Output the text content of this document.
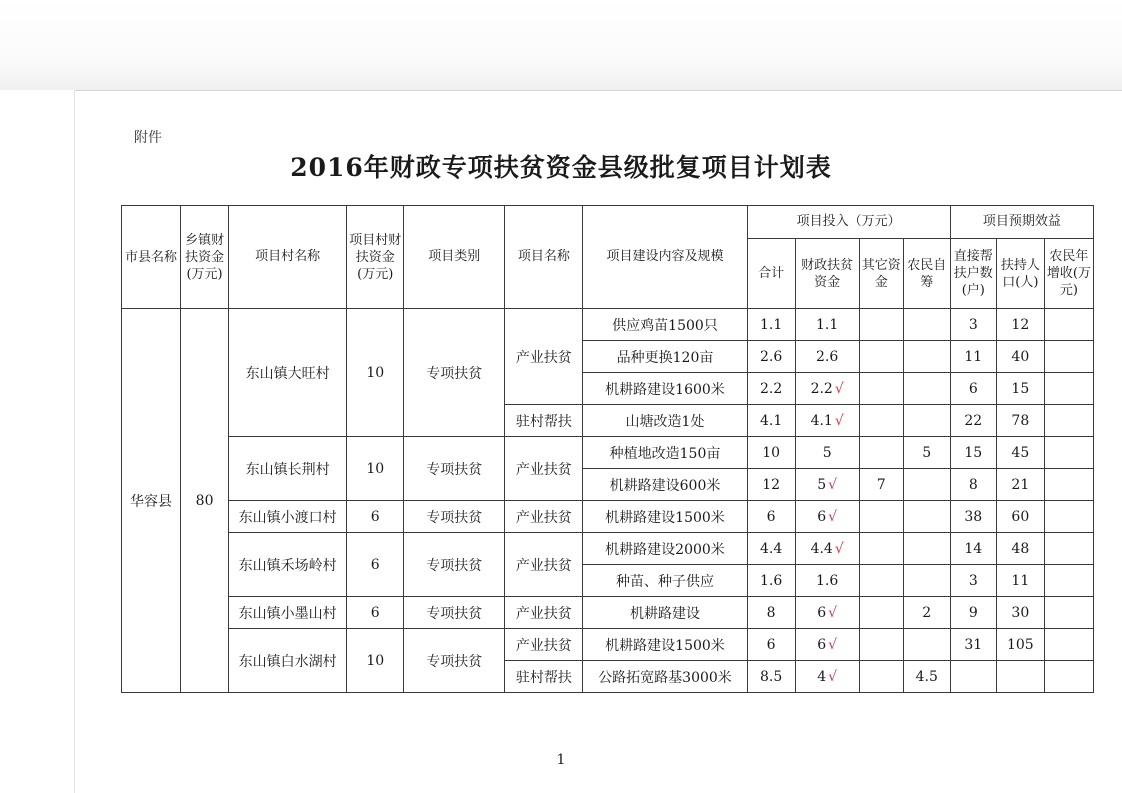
附件
2016年财政专项扶贫资金县级批复项目计划表
市县名称	乡镇财扶资金(万元)	项目村名称	项目村财扶资金(万元)	项目类别	项目名称	项目建设内容及规模	项目投入（万元）				项目预期效益		
							合计	财政扶贫资金	其它资金	农民自筹	直接帮扶户数(户)	扶持人口(人)	农民年增收(万元)

华容县	80	东山镇大旺村	10	专项扶贫	产业扶贫	供应鸡苗1500只	1.1	1.1			3	12	
						品种更换120亩	2.6	2.6			11	40	
						机耕路建设1600米	2.2	2.2 √			6	15	
					驻村帮扶	山塘改造1处	4.1	4.1 √			22	78	
		东山镇长荆村	10	专项扶贫	产业扶贫	种植地改造150亩	10	5		5	15	45	
						机耕路建设600米	12	5 √	7		8	21	
		东山镇小渡口村	6	专项扶贫	产业扶贫	机耕路建设1500米	6	6 √			38	60	
		东山镇禾场岭村	6	专项扶贫	产业扶贫	机耕路建设2000米	4.4	4.4 √			14	48	
						种苗、种子供应	1.6	1.6			3	11	
		东山镇小墨山村	6	专项扶贫	产业扶贫	机耕路建设	8	6 √		2	9	30	
		东山镇白水湖村	10	专项扶贫	产业扶贫	机耕路建设1500米	6	6 √			31	105	
					驻村帮扶	公路拓宽路基3000米	8.5	4 √		4.5			
1
